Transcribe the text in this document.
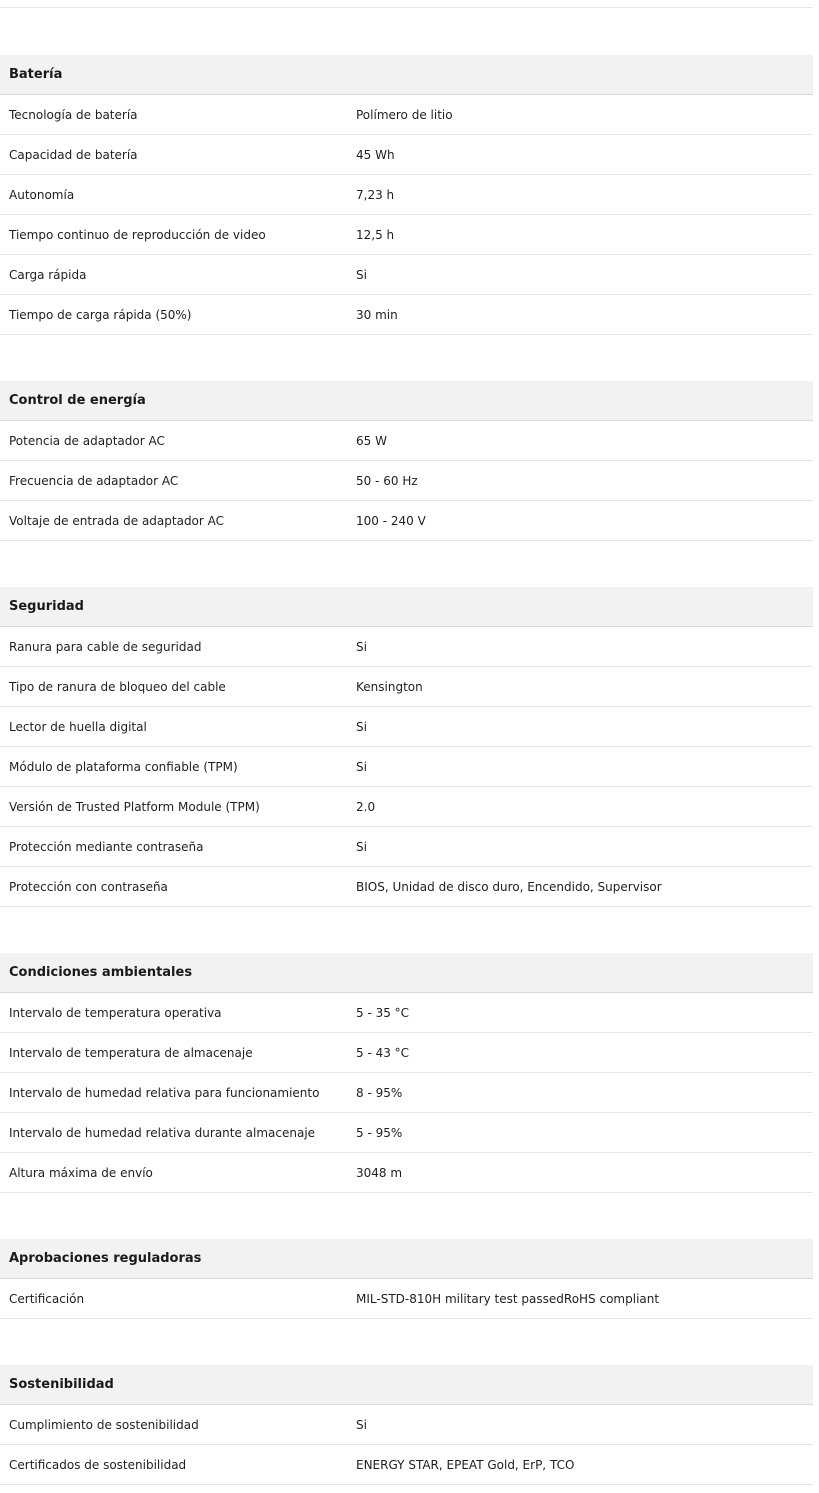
Batería
Tecnología de batería	Polímero de litio
Capacidad de batería	45 Wh
Autonomía	7,23 h
Tiempo continuo de reproducción de video	12,5 h
Carga rápida	Si
Tiempo de carga rápida (50%)	30 min
Control de energía
Potencia de adaptador AC	65 W
Frecuencia de adaptador AC	50 - 60 Hz
Voltaje de entrada de adaptador AC	100 - 240 V
Seguridad
Ranura para cable de seguridad	Si
Tipo de ranura de bloqueo del cable	Kensington
Lector de huella digital	Si
Módulo de plataforma confiable (TPM)	Si
Versión de Trusted Platform Module (TPM)	2.0
Protección mediante contraseña	Si
Protección con contraseña	BIOS, Unidad de disco duro, Encendido, Supervisor
Condiciones ambientales
Intervalo de temperatura operativa	5 - 35 °C
Intervalo de temperatura de almacenaje	5 - 43 °C
Intervalo de humedad relativa para funcionamiento	8 - 95%
Intervalo de humedad relativa durante almacenaje	5 - 95%
Altura máxima de envío	3048 m
Aprobaciones reguladoras
Certificación	MIL-STD-810H military test passedRoHS compliant
Sostenibilidad
Cumplimiento de sostenibilidad	Si
Certificados de sostenibilidad	ENERGY STAR, EPEAT Gold, ErP, TCO
